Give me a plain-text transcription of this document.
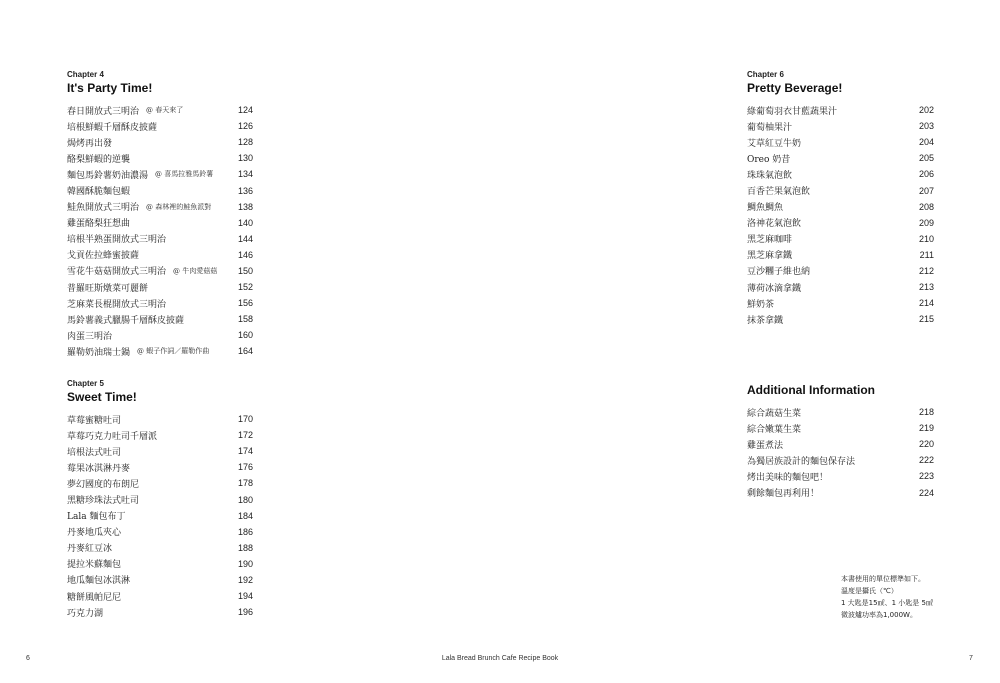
Chapter 4
It's Party Time!
春日開放式三明治 @ 春天來了	124
培根鮮蝦千層酥皮披薩	126
焗烤再出發	128
酪梨鮮蝦的逆襲	130
麵包馬鈴薯奶油濃湯 @ 喜馬拉雅馬鈴薯	134
韓國酥脆麵包蝦	136
鮭魚開放式三明治 @ 森林裡的鮭魚派對	138
雞蛋酪梨狂想曲	140
培根半熟蛋開放式三明治	144
戈貢佐拉蜂蜜披薩	146
雪花牛菇菇開放式三明治 @ 牛肉愛菇菇 150
普羅旺斯燉菜可麗餅	152
芝麻菜長棍開放式三明治	156
馬鈴薯義式臘腸千層酥皮披薩	158
肉蛋三明治	160
羅勒奶油瑞士鍋 @ 蝦子作詞／羅勒作曲	164
Chapter 5
Sweet Time!
草莓蜜糖吐司	170
草莓巧克力吐司千層派	172
培根法式吐司	174
莓果冰淇淋丹麥	176
夢幻國度的布朗尼	178
黑糖珍珠法式吐司	180
Lala 麵包布丁	184
丹麥地瓜夾心	186
丹麥紅豆冰	188
提拉米蘇麵包	190
地瓜麵包冰淇淋	192
糖餅風帕尼尼	194
巧克力湖	196
Chapter 6
Pretty Beverage!
綠葡萄羽衣甘藍蔬果汁	202
葡萄柚果汁	203
艾草紅豆牛奶	204
Oreo 奶昔	205
珠珠氣泡飲	206
百香芒果氣泡飲	207
鯛魚鯛魚	208
洛神花氣泡飲	209
黑芝麻咖啡	210
黑芝麻拿鐵	211
豆沙糰子維也納	212
薄荷冰滴拿鐵	213
鮮奶茶	214
抹茶拿鐵	215
Additional Information
綜合蔬菇生菜	218
綜合嫩葉生菜	219
雞蛋煮法	220
為獨居族設計的麵包保存法	222
烤出美味的麵包吧！	223
剩餘麵包再利用！	224
本書使用的單位標準如下。
溫度是攝氏（℃）
1 大匙是15㎖、1 小匙是 5㎖
微波爐功率為1,000W。
6	Lala Bread Brunch Cafe Recipe Book	7
